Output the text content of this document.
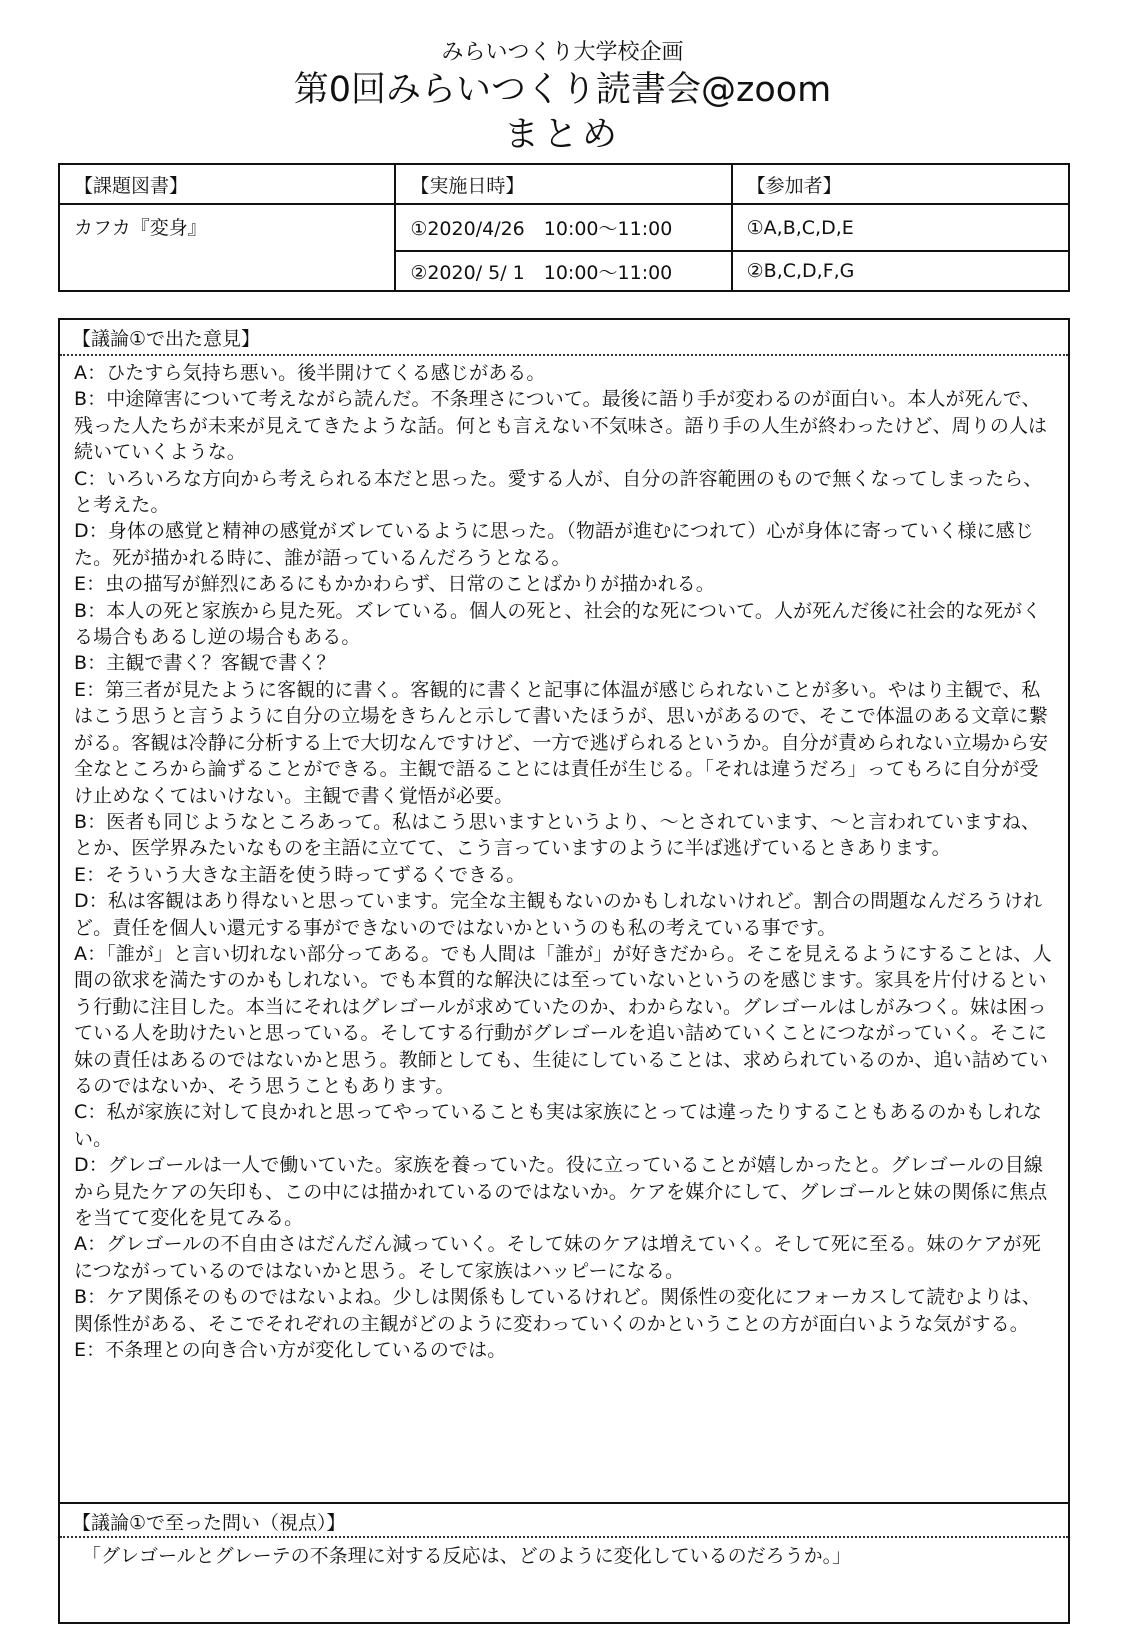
みらいつくり大学校企画
第0回みらいつくり読書会@zoom
まとめ
【課題図書】	【実施日時】	【参加者】
カフカ『変身』	①2020/4/26　10:00〜11:00	①A,B,C,D,E
	②2020/ 5/ 1　10:00〜11:00	②B,C,D,F,G
【議論①で出た意見】
A：ひたすら気持ち悪い。後半開けてくる感じがある。
B：中途障害について考えながら読んだ。不条理さについて。最後に語り手が変わるのが面白い。本人が死んで、残った人たちが未来が見えてきたような話。何とも言えない不気味さ。語り手の人生が終わったけど、周りの人は続いていくような。
C：いろいろな方向から考えられる本だと思った。愛する人が、自分の許容範囲のもので無くなってしまったら、と考えた。
D：身体の感覚と精神の感覚がズレているように思った。（物語が進むにつれて）心が身体に寄っていく様に感じた。死が描かれる時に、誰が語っているんだろうとなる。
E：虫の描写が鮮烈にあるにもかかわらず、日常のことばかりが描かれる。
B：本人の死と家族から見た死。ズレている。個人の死と、社会的な死について。人が死んだ後に社会的な死がくる場合もあるし逆の場合もある。
B：主観で書く？客観で書く？
E：第三者が見たように客観的に書く。客観的に書くと記事に体温が感じられないことが多い。やはり主観で、私はこう思うと言うように自分の立場をきちんと示して書いたほうが、思いがあるので、そこで体温のある文章に繋がる。客観は冷静に分析する上で大切なんですけど、一方で逃げられるというか。自分が責められない立場から安全なところから論ずることができる。主観で語ることには責任が生じる。「それは違うだろ」ってもろに自分が受け止めなくてはいけない。主観で書く覚悟が必要。
B：医者も同じようなところあって。私はこう思いますというより、〜とされています、〜と言われていますね、とか、医学界みたいなものを主語に立てて、こう言っていますのように半ば逃げているときあります。
E：そういう大きな主語を使う時ってずるくできる。
D：私は客観はあり得ないと思っています。完全な主観もないのかもしれないけれど。割合の問題なんだろうけれど。責任を個人い還元する事ができないのではないかというのも私の考えている事です。
A：「誰が」と言い切れない部分ってある。でも人間は「誰が」が好きだから。そこを見えるようにすることは、人間の欲求を満たすのかもしれない。でも本質的な解決には至っていないというのを感じます。家具を片付けるという行動に注目した。本当にそれはグレゴールが求めていたのか、わからない。グレゴールはしがみつく。妹は困っている人を助けたいと思っている。そしてする行動がグレゴールを追い詰めていくことにつながっていく。そこに妹の責任はあるのではないかと思う。教師としても、生徒にしていることは、求められているのか、追い詰めているのではないか、そう思うこともあります。
C：私が家族に対して良かれと思ってやっていることも実は家族にとっては違ったりすることもあるのかもしれない。
D：グレゴールは一人で働いていた。家族を養っていた。役に立っていることが嬉しかったと。グレゴールの目線から見たケアの矢印も、この中には描かれているのではないか。ケアを媒介にして、グレゴールと妹の関係に焦点を当てて変化を見てみる。
A：グレゴールの不自由さはだんだん減っていく。そして妹のケアは増えていく。そして死に至る。妹のケアが死につながっているのではないかと思う。そして家族はハッピーになる。
B：ケア関係そのものではないよね。少しは関係もしているけれど。関係性の変化にフォーカスして読むよりは、関係性がある、そこでそれぞれの主観がどのように変わっていくのかということの方が面白いような気がする。
E：不条理との向き合い方が変化しているのでは。
【議論①で至った問い（視点）】
「グレゴールとグレーテの不条理に対する反応は、どのように変化しているのだろうか。」
